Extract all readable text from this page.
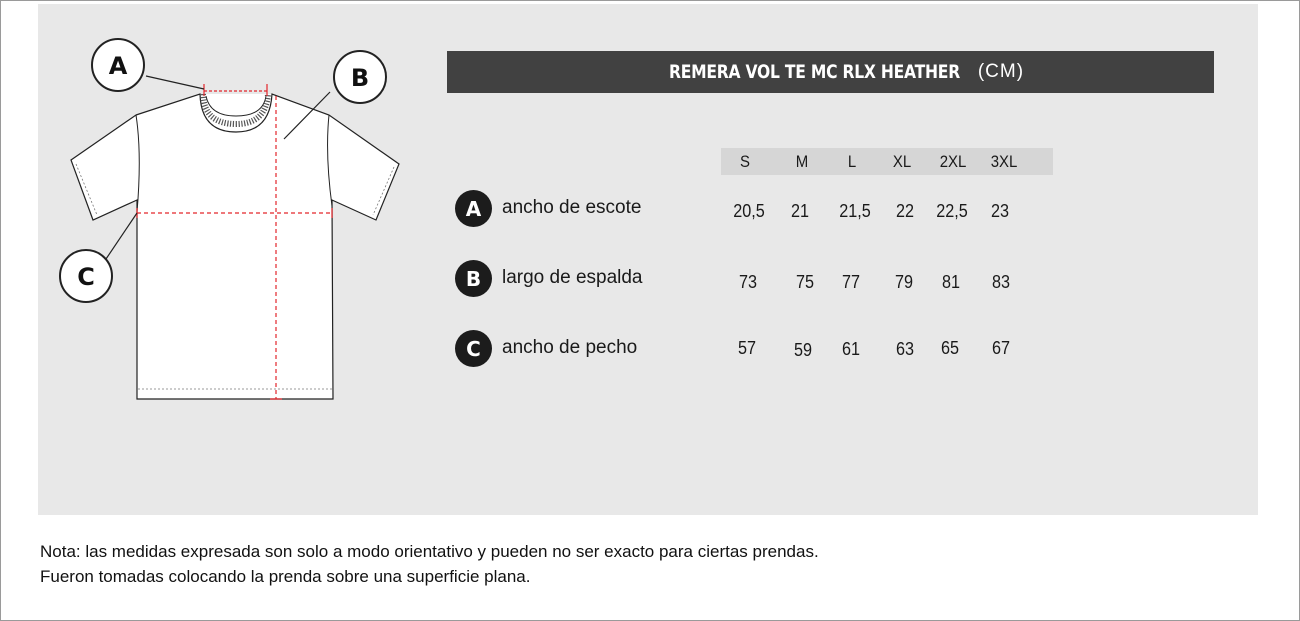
A	B
C
REMERA VOL TE MC RLX HEATHER (CM)
S	M	L	XL	2XL	3XL
A	ancho de escote	20,5	21	21,5	22	22,5	23
B	largo de espalda	73	75	77	79	81	83
C	ancho de pecho	57	59	61	63	65	67
Nota: las medidas expresada son solo a modo orientativo y pueden no ser exacto para ciertas prendas.
Fueron tomadas colocando la prenda sobre una superficie plana.
